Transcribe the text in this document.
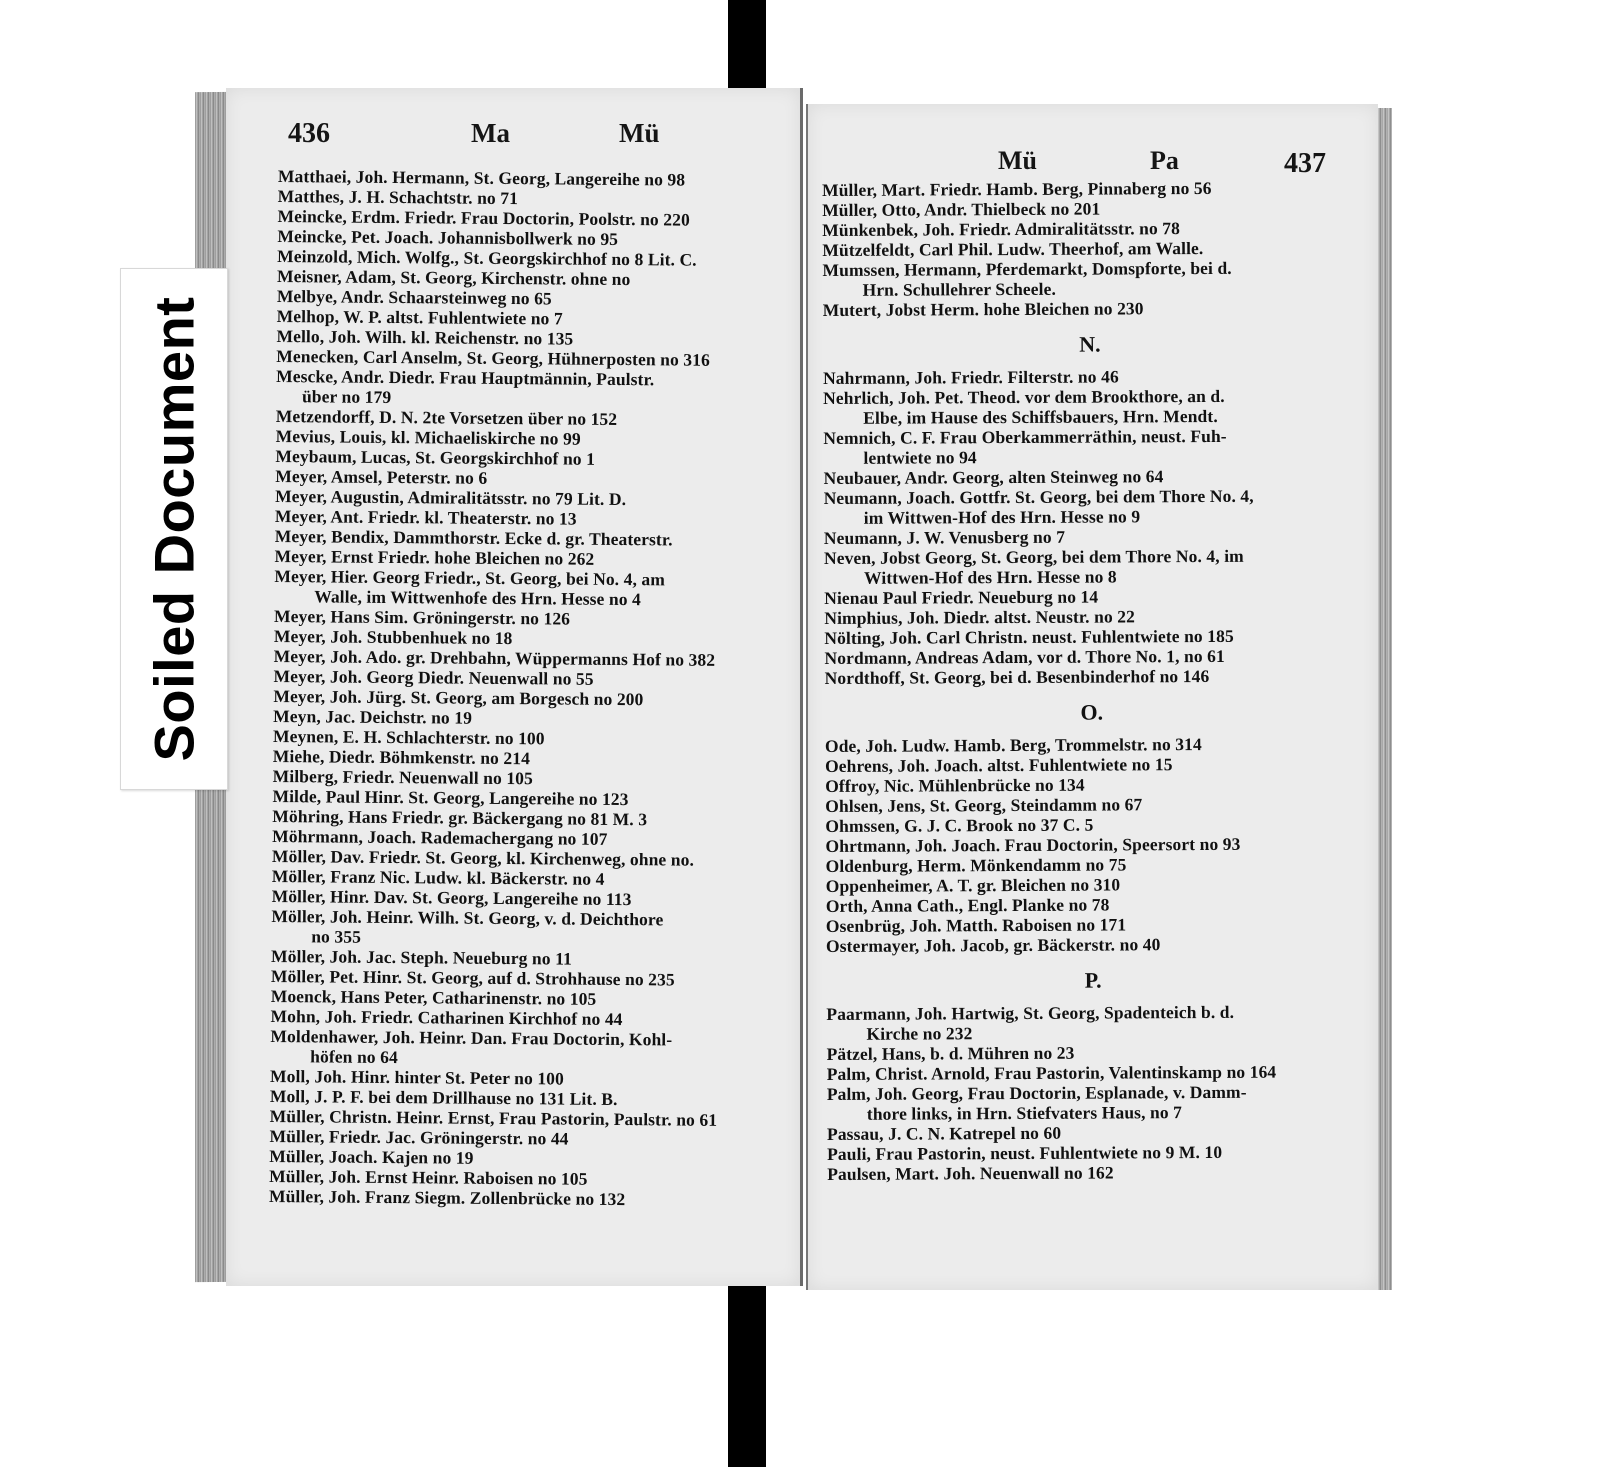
436	Ma	Mü
Matthaei, Joh. Hermann, St. Georg, Langereihe no 98
Matthes, J. H. Schachtstr. no 71
Meincke, Erdm. Friedr. Frau Doctorin, Poolstr. no 220
Meincke, Pet. Joach. Johannisbollwerk no 95
Meinzold, Mich. Wolfg., St. Georgskirchhof no 8 Lit. C.
Meisner, Adam, St. Georg, Kirchenstr. ohne no
Melbye, Andr. Schaarsteinweg no 65
Melhop, W. P. altst. Fuhlentwiete no 7
Mello, Joh. Wilh. kl. Reichenstr. no 135
Menecken, Carl Anselm, St. Georg, Hühnerposten no 316
Mescke, Andr. Diedr. Frau Hauptmännin, Paulstr.
über no 179
Metzendorff, D. N. 2te Vorsetzen über no 152
Mevius, Louis, kl. Michaeliskirche no 99
Meybaum, Lucas, St. Georgskirchhof no 1
Meyer, Amsel, Peterstr. no 6
Meyer, Augustin, Admiralitätsstr. no 79 Lit. D.
Meyer, Ant. Friedr. kl. Theaterstr. no 13
Meyer, Bendix, Dammthorstr. Ecke d. gr. Theaterstr.
Meyer, Ernst Friedr. hohe Bleichen no 262
Meyer, Hier. Georg Friedr., St. Georg, bei No. 4, am
Walle, im Wittwenhofe des Hrn. Hesse no 4
Meyer, Hans Sim. Gröningerstr. no 126
Meyer, Joh. Stubbenhuek no 18
Meyer, Joh. Ado. gr. Drehbahn, Wüppermanns Hof no 382
Meyer, Joh. Georg Diedr. Neuenwall no 55
Meyer, Joh. Jürg. St. Georg, am Borgesch no 200
Meyn, Jac. Deichstr. no 19
Meynen, E. H. Schlachterstr. no 100
Miehe, Diedr. Böhmkenstr. no 214
Milberg, Friedr. Neuenwall no 105
Milde, Paul Hinr. St. Georg, Langereihe no 123
Möhring, Hans Friedr. gr. Bäckergang no 81 M. 3
Möhrmann, Joach. Rademachergang no 107
Möller, Dav. Friedr. St. Georg, kl. Kirchenweg, ohne no.
Möller, Franz Nic. Ludw. kl. Bäckerstr. no 4
Möller, Hinr. Dav. St. Georg, Langereihe no 113
Möller, Joh. Heinr. Wilh. St. Georg, v. d. Deichthore
no 355
Möller, Joh. Jac. Steph. Neueburg no 11
Möller, Pet. Hinr. St. Georg, auf d. Strohhause no 235
Moenck, Hans Peter, Catharinenstr. no 105
Mohn, Joh. Friedr. Catharinen Kirchhof no 44
Moldenhawer, Joh. Heinr. Dan. Frau Doctorin, Kohl-
höfen no 64
Moll, Joh. Hinr. hinter St. Peter no 100
Moll, J. P. F. bei dem Drillhause no 131 Lit. B.
Müller, Christn. Heinr. Ernst, Frau Pastorin, Paulstr. no 61
Müller, Friedr. Jac. Gröningerstr. no 44
Müller, Joach. Kajen no 19
Müller, Joh. Ernst Heinr. Raboisen no 105
Müller, Joh. Franz Siegm. Zollenbrücke no 132
Mü	Pa	437
Müller, Mart. Friedr. Hamb. Berg, Pinnaberg no 56
Müller, Otto, Andr. Thielbeck no 201
Münkenbek, Joh. Friedr. Admiralitätsstr. no 78
Mützelfeldt, Carl Phil. Ludw. Theerhof, am Walle.
Mumssen, Hermann, Pferdemarkt, Domspforte, bei d.
Hrn. Schullehrer Scheele.
Mutert, Jobst Herm. hohe Bleichen no 230
N.
Nahrmann, Joh. Friedr. Filterstr. no 46
Nehrlich, Joh. Pet. Theod. vor dem Brookthore, an d.
Elbe, im Hause des Schiffsbauers, Hrn. Mendt.
Nemnich, C. F. Frau Oberkammerräthin, neust. Fuh-
lentwiete no 94
Neubauer, Andr. Georg, alten Steinweg no 64
Neumann, Joach. Gottfr. St. Georg, bei dem Thore No. 4,
im Wittwen-Hof des Hrn. Hesse no 9
Neumann, J. W. Venusberg no 7
Neven, Jobst Georg, St. Georg, bei dem Thore No. 4, im
Wittwen-Hof des Hrn. Hesse no 8
Nienau Paul Friedr. Neueburg no 14
Nimphius, Joh. Diedr. altst. Neustr. no 22
Nölting, Joh. Carl Christn. neust. Fuhlentwiete no 185
Nordmann, Andreas Adam, vor d. Thore No. 1, no 61
Nordthoff, St. Georg, bei d. Besenbinderhof no 146
O.
Ode, Joh. Ludw. Hamb. Berg, Trommelstr. no 314
Oehrens, Joh. Joach. altst. Fuhlentwiete no 15
Offroy, Nic. Mühlenbrücke no 134
Ohlsen, Jens, St. Georg, Steindamm no 67
Ohmssen, G. J. C. Brook no 37 C. 5
Ohrtmann, Joh. Joach. Frau Doctorin, Speersort no 93
Oldenburg, Herm. Mönkendamm no 75
Oppenheimer, A. T. gr. Bleichen no 310
Orth, Anna Cath., Engl. Planke no 78
Osenbrüg, Joh. Matth. Raboisen no 171
Ostermayer, Joh. Jacob, gr. Bäckerstr. no 40
P.
Paarmann, Joh. Hartwig, St. Georg, Spadenteich b. d.
Kirche no 232
Pätzel, Hans, b. d. Mühren no 23
Palm, Christ. Arnold, Frau Pastorin, Valentinskamp no 164
Palm, Joh. Georg, Frau Doctorin, Esplanade, v. Damm-
thore links, in Hrn. Stiefvaters Haus, no 7
Passau, J. C. N. Katrepel no 60
Pauli, Frau Pastorin, neust. Fuhlentwiete no 9 M. 10
Paulsen, Mart. Joh. Neuenwall no 162
Soiled Document
